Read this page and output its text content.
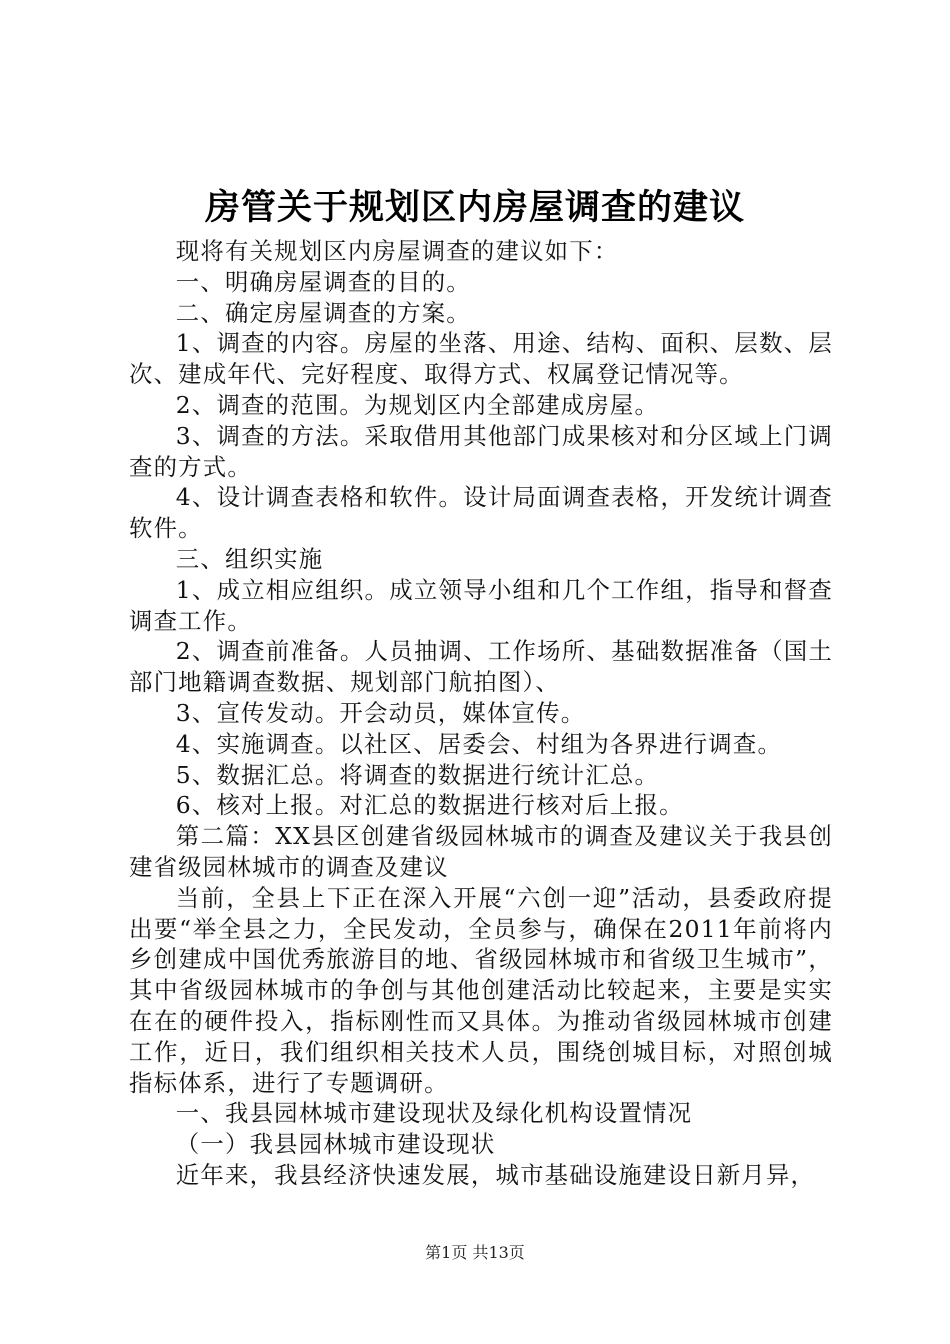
房管关于规划区内房屋调查的建议

现将有关规划区内房屋调查的建议如下：

一、明确房屋调查的目的。

二、确定房屋调查的方案。

1、调查的内容。房屋的坐落、用途、结构、面积、层数、层次、建成年代、完好程度、取得方式、权属登记情况等。

2、调查的范围。为规划区内全部建成房屋。

3、调查的方法。采取借用其他部门成果核对和分区域上门调查的方式。

4、设计调查表格和软件。设计局面调查表格，开发统计调查软件。

三、组织实施

1、成立相应组织。成立领导小组和几个工作组，指导和督查调查工作。

2、调查前准备。人员抽调、工作场所、基础数据准备（国土部门地籍调查数据、规划部门航拍图）、

3、宣传发动。开会动员，媒体宣传。

4、实施调查。以社区、居委会、村组为各界进行调查。

5、数据汇总。将调查的数据进行统计汇总。

6、核对上报。对汇总的数据进行核对后上报。

第二篇：XX县区创建省级园林城市的调查及建议关于我县创建省级园林城市的调查及建议

当前，全县上下正在深入开展“六创一迎”活动，县委政府提出要“举全县之力，全民发动，全员参与，确保在2011年前将内乡创建成中国优秀旅游目的地、省级园林城市和省级卫生城市”，其中省级园林城市的争创与其他创建活动比较起来，主要是实实在在的硬件投入，指标刚性而又具体。为推动省级园林城市创建工作，近日，我们组织相关技术人员，围绕创城目标，对照创城指标体系，进行了专题调研。

一、我县园林城市建设现状及绿化机构设置情况

（一）我县园林城市建设现状

近年来，我县经济快速发展，城市基础设施建设日新月异，

第1页 共13页
